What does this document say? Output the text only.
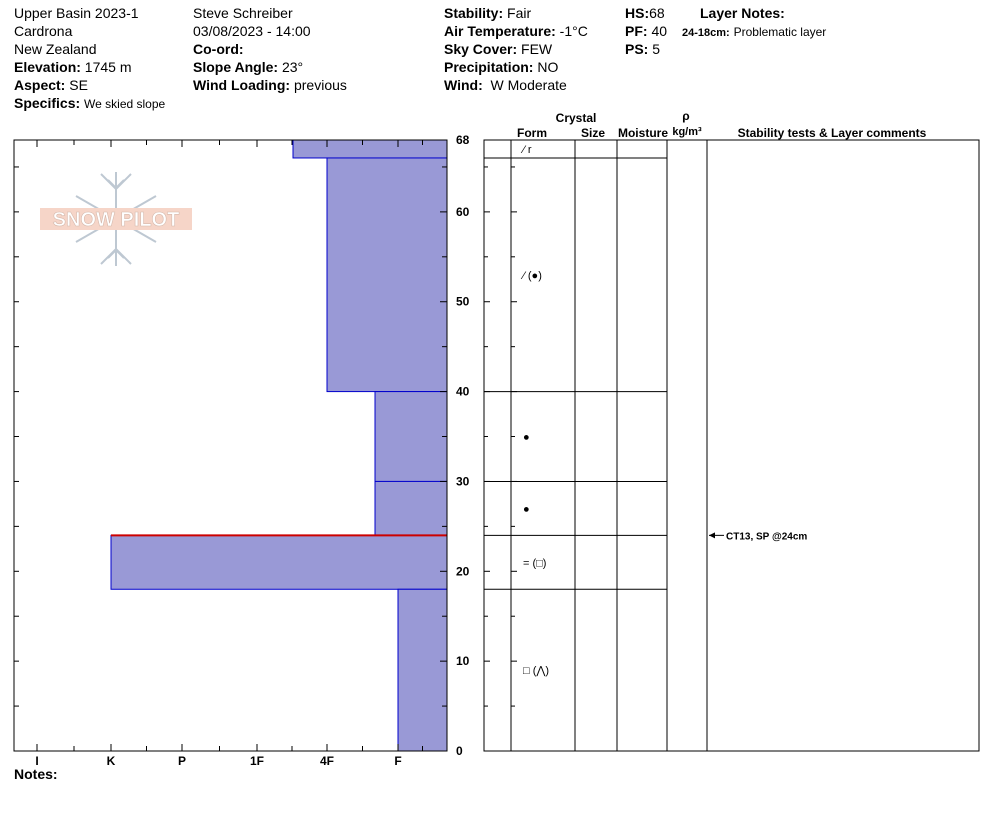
Upper Basin 2023-1
Cardrona
New Zealand
Elevation: 1745 m
Aspect: SE
Specifics: We skied slope
Steve Schreiber
03/08/2023 - 14:00
Co-ord:
Slope Angle: 23°
Wind Loading: previous
Stability: Fair
Air Temperature: -1°C
Sky Cover: FEW
Precipitation: NO
Wind: W Moderate
HS:68
PF: 40
PS: 5
Layer Notes:
24-18cm: Problematic layer
Notes:
SNOW PILOT
I	K	P	1F	4F	F
0
10
20
30
40
50
60
68
Crystal
Form	Size Moisture
ρ
kg/m³	Stability tests & Layer comments
⁄ r
⁄ (●)
●
●
= (□)
□ (⋀)
CT13, SP @24cm
